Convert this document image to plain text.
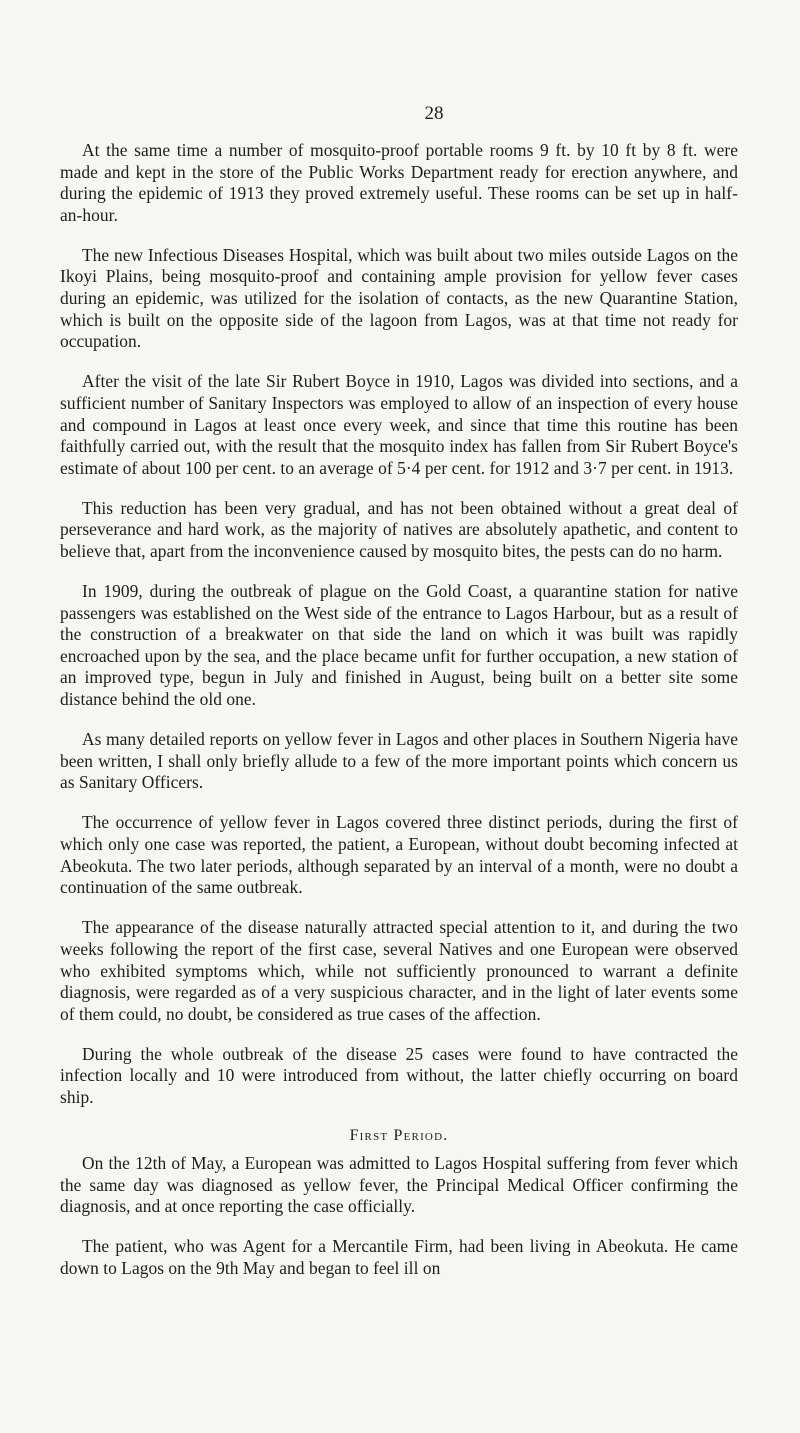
28

At the same time a number of mosquito-proof portable rooms 9 ft. by 10 ft by 8 ft. were made and kept in the store of the Public Works Department ready for erection anywhere, and during the epidemic of 1913 they proved extremely useful. These rooms can be set up in half-an-hour.

The new Infectious Diseases Hospital, which was built about two miles outside Lagos on the Ikoyi Plains, being mosquito-proof and containing ample provision for yellow fever cases during an epidemic, was utilized for the isolation of contacts, as the new Quarantine Station, which is built on the opposite side of the lagoon from Lagos, was at that time not ready for occupation.

After the visit of the late Sir Rubert Boyce in 1910, Lagos was divided into sections, and a sufficient number of Sanitary Inspectors was employed to allow of an inspection of every house and compound in Lagos at least once every week, and since that time this routine has been faithfully carried out, with the result that the mosquito index has fallen from Sir Rubert Boyce's estimate of about 100 per cent. to an average of 5·4 per cent. for 1912 and 3·7 per cent. in 1913.

This reduction has been very gradual, and has not been obtained without a great deal of perseverance and hard work, as the majority of natives are absolutely apathetic, and content to believe that, apart from the inconvenience caused by mosquito bites, the pests can do no harm.

In 1909, during the outbreak of plague on the Gold Coast, a quarantine station for native passengers was established on the West side of the entrance to Lagos Harbour, but as a result of the construction of a breakwater on that side the land on which it was built was rapidly encroached upon by the sea, and the place became unfit for further occupation, a new station of an improved type, begun in July and finished in August, being built on a better site some distance behind the old one.

As many detailed reports on yellow fever in Lagos and other places in Southern Nigeria have been written, I shall only briefly allude to a few of the more important points which concern us as Sanitary Officers.

The occurrence of yellow fever in Lagos covered three distinct periods, during the first of which only one case was reported, the patient, a European, without doubt becoming infected at Abeokuta. The two later periods, although separated by an interval of a month, were no doubt a continuation of the same outbreak.

The appearance of the disease naturally attracted special attention to it, and during the two weeks following the report of the first case, several Natives and one European were observed who exhibited symptoms which, while not sufficiently pronounced to warrant a definite diagnosis, were regarded as of a very suspicious character, and in the light of later events some of them could, no doubt, be considered as true cases of the affection.

During the whole outbreak of the disease 25 cases were found to have contracted the infection locally and 10 were introduced from without, the latter chiefly occurring on board ship.

First Period.

On the 12th of May, a European was admitted to Lagos Hospital suffering from fever which the same day was diagnosed as yellow fever, the Principal Medical Officer confirming the diagnosis, and at once reporting the case officially.

The patient, who was Agent for a Mercantile Firm, had been living in Abeokuta. He came down to Lagos on the 9th May and began to feel ill on
